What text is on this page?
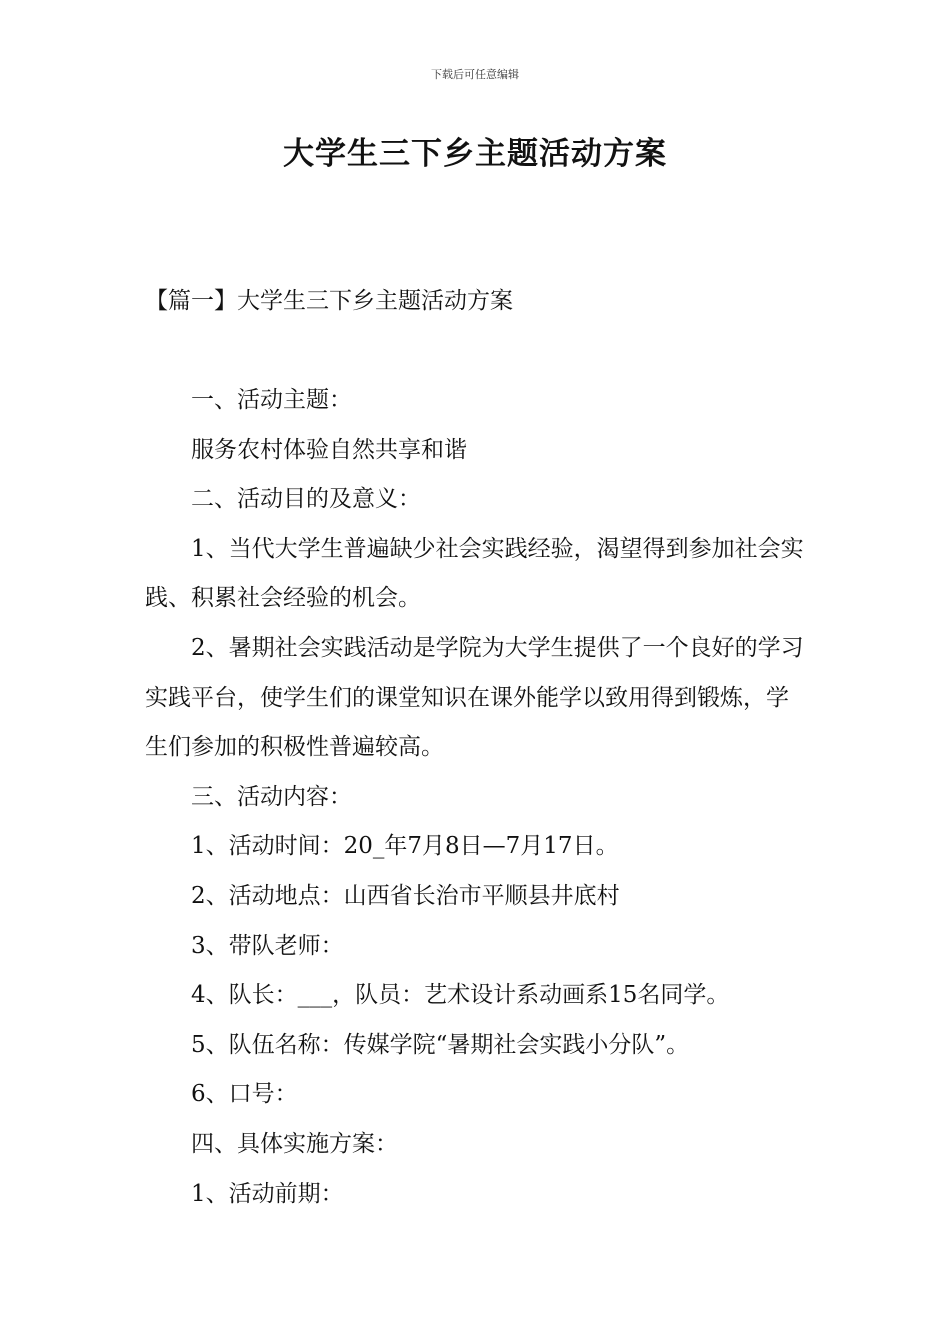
下载后可任意编辑
大学生三下乡主题活动方案
【篇一】大学生三下乡主题活动方案

一、活动主题：

服务农村体验自然共享和谐

二、活动目的及意义：

1、当代大学生普遍缺少社会实践经验，渴望得到参加社会实践、积累社会经验的机会。

2、暑期社会实践活动是学院为大学生提供了一个良好的学习实践平台，使学生们的课堂知识在课外能学以致用得到锻炼，学生们参加的积极性普遍较高。

三、活动内容：

1、活动时间：20_年7月8日—7月17日。

2、活动地点：山西省长治市平顺县井底村

3、带队老师：

4、队长：___，队员：艺术设计系动画系15名同学。

5、队伍名称：传媒学院“暑期社会实践小分队”。

6、口号：

四、具体实施方案：

1、活动前期：
